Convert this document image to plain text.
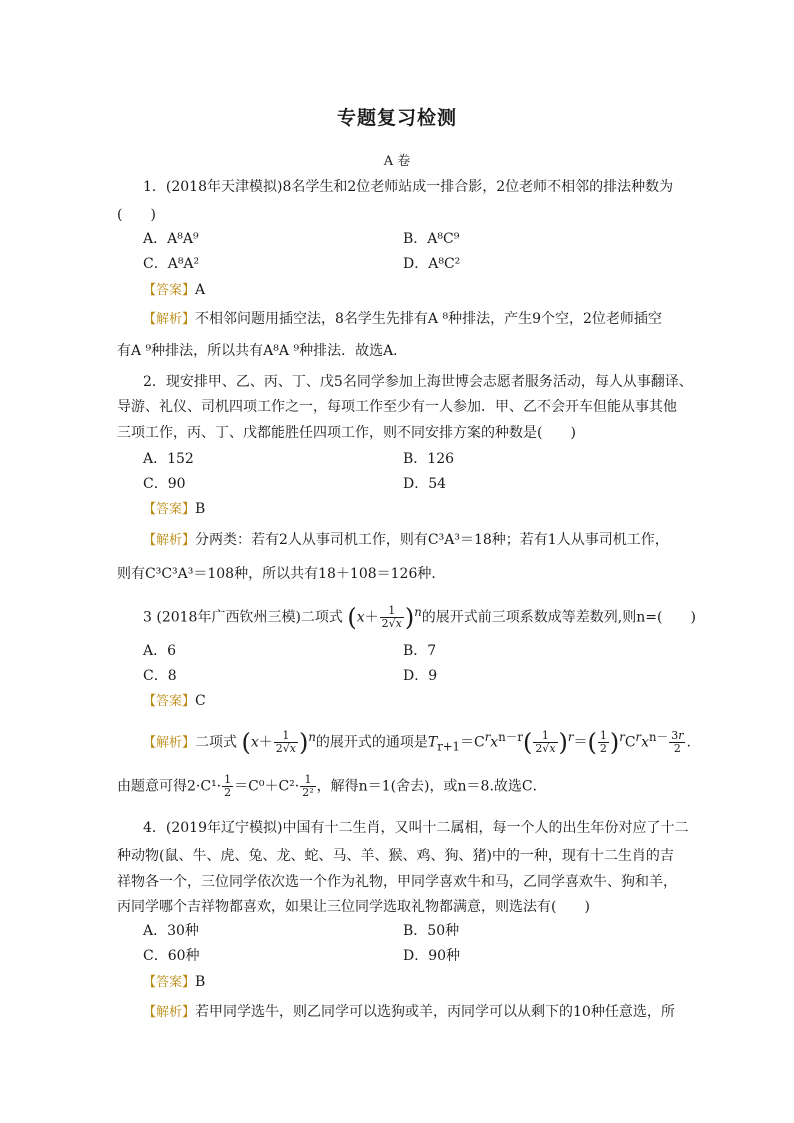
专题复习检测
A 卷
1．(2018年天津模拟)8名学生和2位老师站成一排合影，2位老师不相邻的排法种数为
(　　)
A．A⁸A⁹	B．A⁸C⁹
C．A⁸A²	D．A⁸C²
【答案】A
【解析】不相邻问题用插空法，8名学生先排有A ⁸种排法，产生9个空，2位老师插空
有A ⁹种排法，所以共有A⁸A ⁹种排法．故选A．
2．现安排甲、乙、丙、丁、戊5名同学参加上海世博会志愿者服务活动，每人从事翻译、
导游、礼仪、司机四项工作之一，每项工作至少有一人参加．甲、乙不会开车但能从事其他
三项工作，丙、丁、戊都能胜任四项工作，则不同安排方案的种数是(　　)
A．152	B．126
C．90	D．54
【答案】B
【解析】分两类：若有2人从事司机工作，则有C³A³＝18种；若有1人从事司机工作，
则有C³C³A³＝108种，所以共有18＋108＝126种．
3 (2018年广西钦州三模)二项式 $(x+ \frac{1}{2√x} )^n$的展开式前三项系数成等差数列,则n=(　　)
A．6	B．7
C．8	D．9
【答案】C
【解析】二项式 $(x+ \frac{1}{2√x} )^n$的展开式的通项是$T_{r+1}=C^rx^{n-r}( \frac{1}{2√x} )^r=( \frac{1}{2} )^rC^rx^{n-} \frac{3r}{2}$ .
由题意可得$2\cdot C^1\cdot \frac{1}{2} =C^0+C^2\cdot \frac{1}{\text{2²}}$ ，解得n＝1(舍去)，或n＝8.故选C．
4．(2019年辽宁模拟)中国有十二生肖，又叫十二属相，每一个人的出生年份对应了十二
种动物(鼠、牛、虎、兔、龙、蛇、马、羊、猴、鸡、狗、猪)中的一种，现有十二生肖的吉
祥物各一个，三位同学依次选一个作为礼物，甲同学喜欢牛和马，乙同学喜欢牛、狗和羊，
丙同学哪个吉祥物都喜欢，如果让三位同学选取礼物都满意，则选法有(　　)
A．30种	B．50种
C．60种	D．90种
【答案】B
【解析】若甲同学选牛，则乙同学可以选狗或羊，丙同学可以从剩下的10种任意选，所
